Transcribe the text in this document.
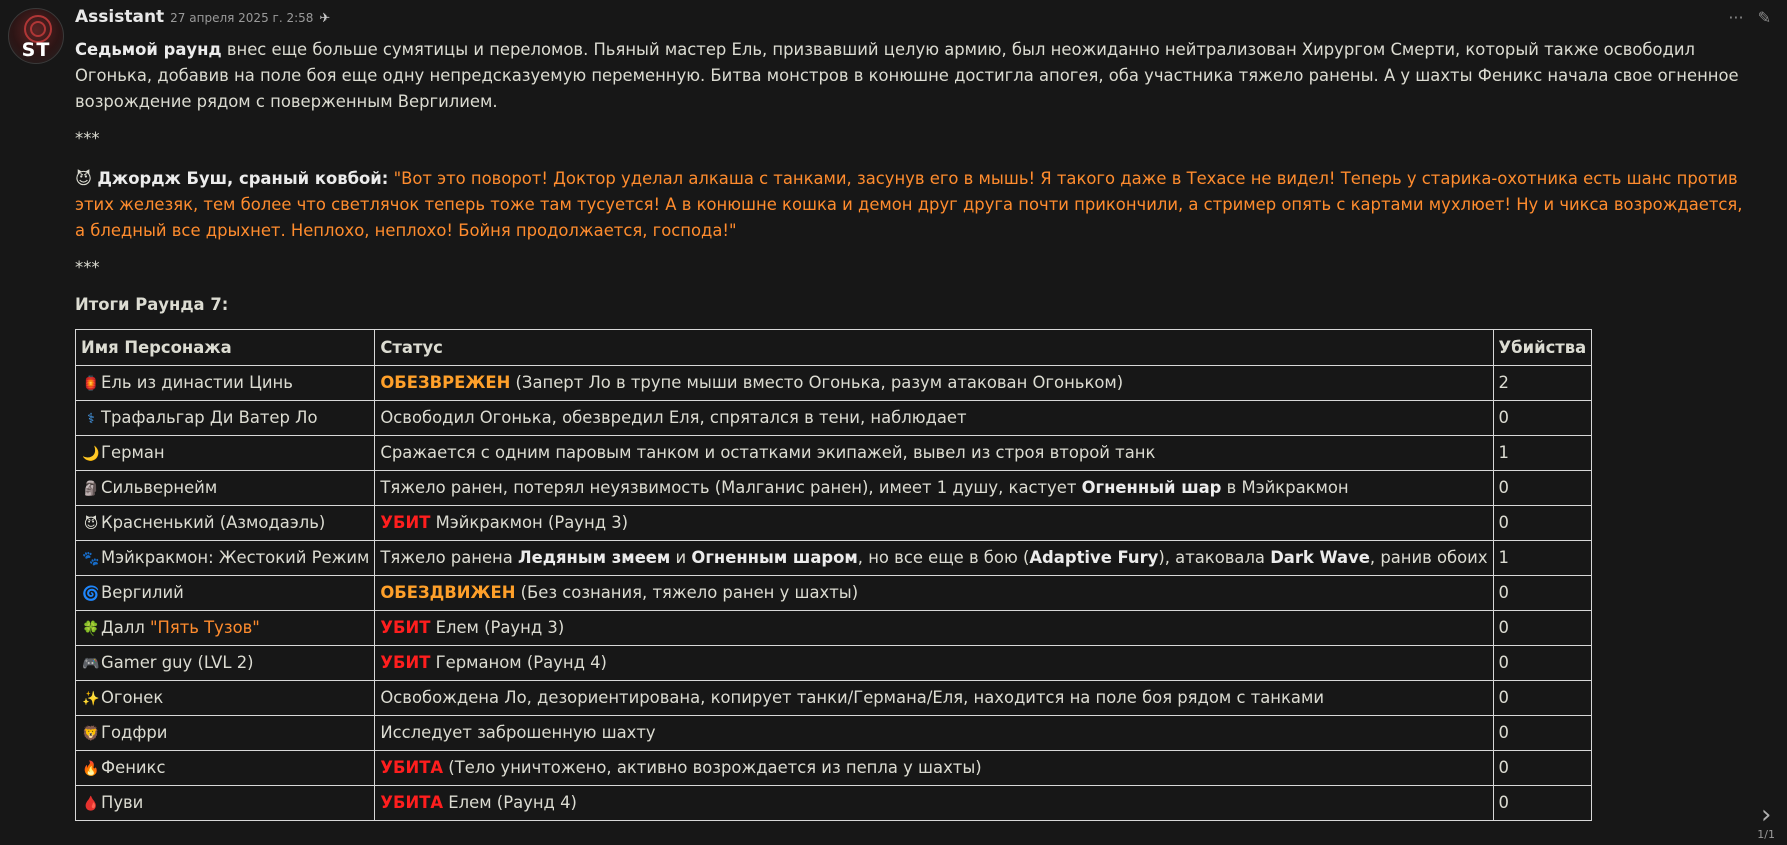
ST
Assistant 27 апреля 2025 г. 2:58 ✈	··· ✎

Седьмой раунд внес еще больше сумятицы и переломов. Пьяный мастер Ель, призвавший целую армию, был неожиданно нейтрализован Хирургом Смерти, который также освободил Огонька, добавив на поле боя еще одну непредсказуемую переменную. Битва монстров в конюшне достигла апогея, оба участника тяжело ранены. А у шахты Феникс начала свое огненное возрождение рядом с поверженным Вергилием.

***

😈 Джордж Буш, сраный ковбой: "Вот это поворот! Доктор уделал алкаша с танками, засунув его в мышь! Я такого даже в Техасе не видел! Теперь у старика-охотника есть шанс против этих железяк, тем более что светлячок теперь тоже там тусуется! А в конюшне кошка и демон друг друга почти прикончили, а стример опять с картами мухлюет! Ну и чикса возрождается, а бледный все дрыхнет. Неплохо, неплохо! Бойня продолжается, господа!"

***

Итоги Раунда 7:

Имя Персонажа	Статус	Убийства
🏮Ель из династии Цинь	ОБЕЗВРЕЖЕН (Заперт Ло в трупе мыши вместо Огонька, разум атакован Огоньком)	2
⚕ Трафальгар Ди Ватер Ло	Освободил Огонька, обезвредил Еля, спрятался в тени, наблюдает	0
🌙Герман	Сражается с одним паровым танком и остатками экипажей, вывел из строя второй танк	1
🗿Сильвернейм	Тяжело ранен, потерял неуязвимость (Малганис ранен), имеет 1 душу, кастует Огненный шар в Мэйкракмон	0
😈 Красненький (Азмодаэль)	УБИТ Мэйкракмон (Раунд 3)	0
🐾Мэйкракмон: Жестокий Режим	Тяжело ранена Ледяным змеем и Огненным шаром, но все еще в бою (Adaptive Fury), атаковала Dark Wave, ранив обоих	1
🌀Вергилий	ОБЕЗДВИЖЕН (Без сознания, тяжело ранен у шахты)	0
🍀Далл "Пять Тузов"	УБИТ Елем (Раунд 3)	0
🎮Gamer guy (LVL 2)	УБИТ Германом (Раунд 4)	0
✨Огонек	Освобождена Ло, дезориентирована, копирует танки/Германа/Еля, находится на поле боя рядом с танками	0
🦁Годфри	Исследует заброшенную шахту	0
🔥Феникс	УБИТА (Тело уничтожено, активно возрождается из пепла у шахты)	0
🩸Пуви	УБИТА Елем (Раунд 4)	0	›
1/1
